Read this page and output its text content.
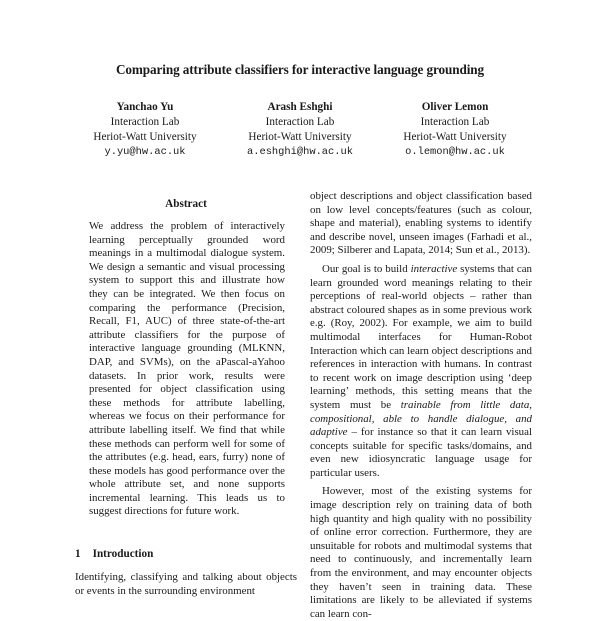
Comparing attribute classifiers for interactive language grounding
Yanchao Yu
Interaction Lab
Heriot-Watt University
y.yu@hw.ac.uk
Arash Eshghi
Interaction Lab
Heriot-Watt University
a.eshghi@hw.ac.uk
Oliver Lemon
Interaction Lab
Heriot-Watt University
o.lemon@hw.ac.uk
Abstract

We address the problem of interactively learning perceptually grounded word meanings in a multimodal dialogue system. We design a semantic and visual processing system to support this and illustrate how they can be integrated. We then focus on comparing the performance (Precision, Recall, F1, AUC) of three state-of-the-art attribute classifiers for the purpose of interactive language grounding (MLKNN, DAP, and SVMs), on the aPascal-aYahoo datasets. In prior work, results were presented for object classification using these methods for attribute labelling, whereas we focus on their performance for attribute labelling itself. We find that while these methods can perform well for some of the attributes (e.g. head, ears, furry) none of these models has good performance over the whole attribute set, and none supports incremental learning. This leads us to suggest directions for future work.

1 Introduction

Identifying, classifying and talking about objects or events in the surrounding environment

object descriptions and object classification based on low level concepts/features (such as colour, shape and material), enabling systems to identify and describe novel, unseen images (Farhadi et al., 2009; Silberer and Lapata, 2014; Sun et al., 2013).

Our goal is to build interactive systems that can learn grounded word meanings relating to their perceptions of real-world objects – rather than abstract coloured shapes as in some previous work e.g. (Roy, 2002). For example, we aim to build multimodal interfaces for Human-Robot Interaction which can learn object descriptions and references in interaction with humans. In contrast to recent work on image description using ‘deep learning’ methods, this setting means that the system must be trainable from little data, compositional, able to handle dialogue, and adaptive – for instance so that it can learn visual concepts suitable for specific tasks/domains, and even new idiosyncratic language usage for particular users.

However, most of the existing systems for image description rely on training data of both high quantity and high quality with no possibility of online error correction. Furthermore, they are unsuitable for robots and multimodal systems that need to continuously, and incrementally learn from the environment, and may encounter objects they haven’t seen in training data. These limitations are likely to be alleviated if systems can learn con-
